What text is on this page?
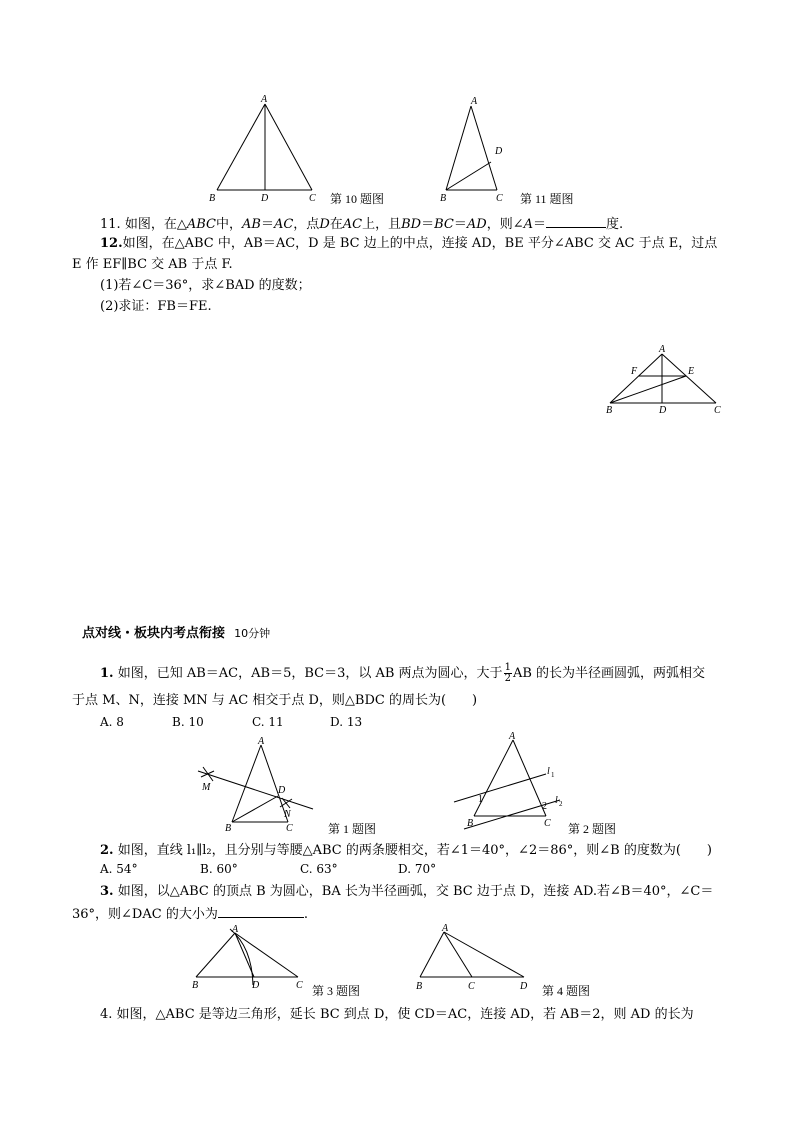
A
B	D	C 第 10 题图
A
D
B	C 第 11 题图
11. 如图，在△ABC中，AB＝AC，点D在AC上，且BD＝BC＝AD，则∠A＝	度.
12.如图，在△ABC 中，AB＝AC，D 是 BC 边上的中点，连接 AD，BE 平分∠ABC 交 AC 于点 E，过点
E 作 EF∥BC 交 AB 于点 F.
(1)若∠C＝36°，求∠BAD 的度数；
(2)求证：FB＝FE.
A
F	E
B	D	C
点对线・板块内考点衔接 10分钟
1. 如图，已知 AB＝AC，AB＝5，BC＝3，以 AB 两点为圆心，大于 $\frac{1}{2}$ AB 的长为半径画圆弧，两弧相交
于点 M、N，连接 MN 与 AC 相交于点 D，则△BDC 的周长为(　　)
A. 8	B. 10	C. 11	D. 13
A
M	D
N
B	C	第 1 题图
A
l 1
l 2
1
2
B	C 第 2 题图
2. 如图，直线 l₁∥l₂，且分别与等腰△ABC 的两条腰相交，若∠1＝40°，∠2＝86°，则∠B 的度数为(　　)
A. 54°	B. 60°	C. 63°	D. 70°
3. 如图，以△ABC 的顶点 B 为圆心，BA 长为半径画弧，交 BC 边于点 D，连接 AD.若∠B＝40°，∠C＝
36°，则∠DAC 的大小为	.
A
B	D	C 第 3 题图
A
B	C	D 第 4 题图
4. 如图，△ABC 是等边三角形，延长 BC 到点 D，使 CD＝AC，连接 AD，若 AB＝2，则 AD 的长为
